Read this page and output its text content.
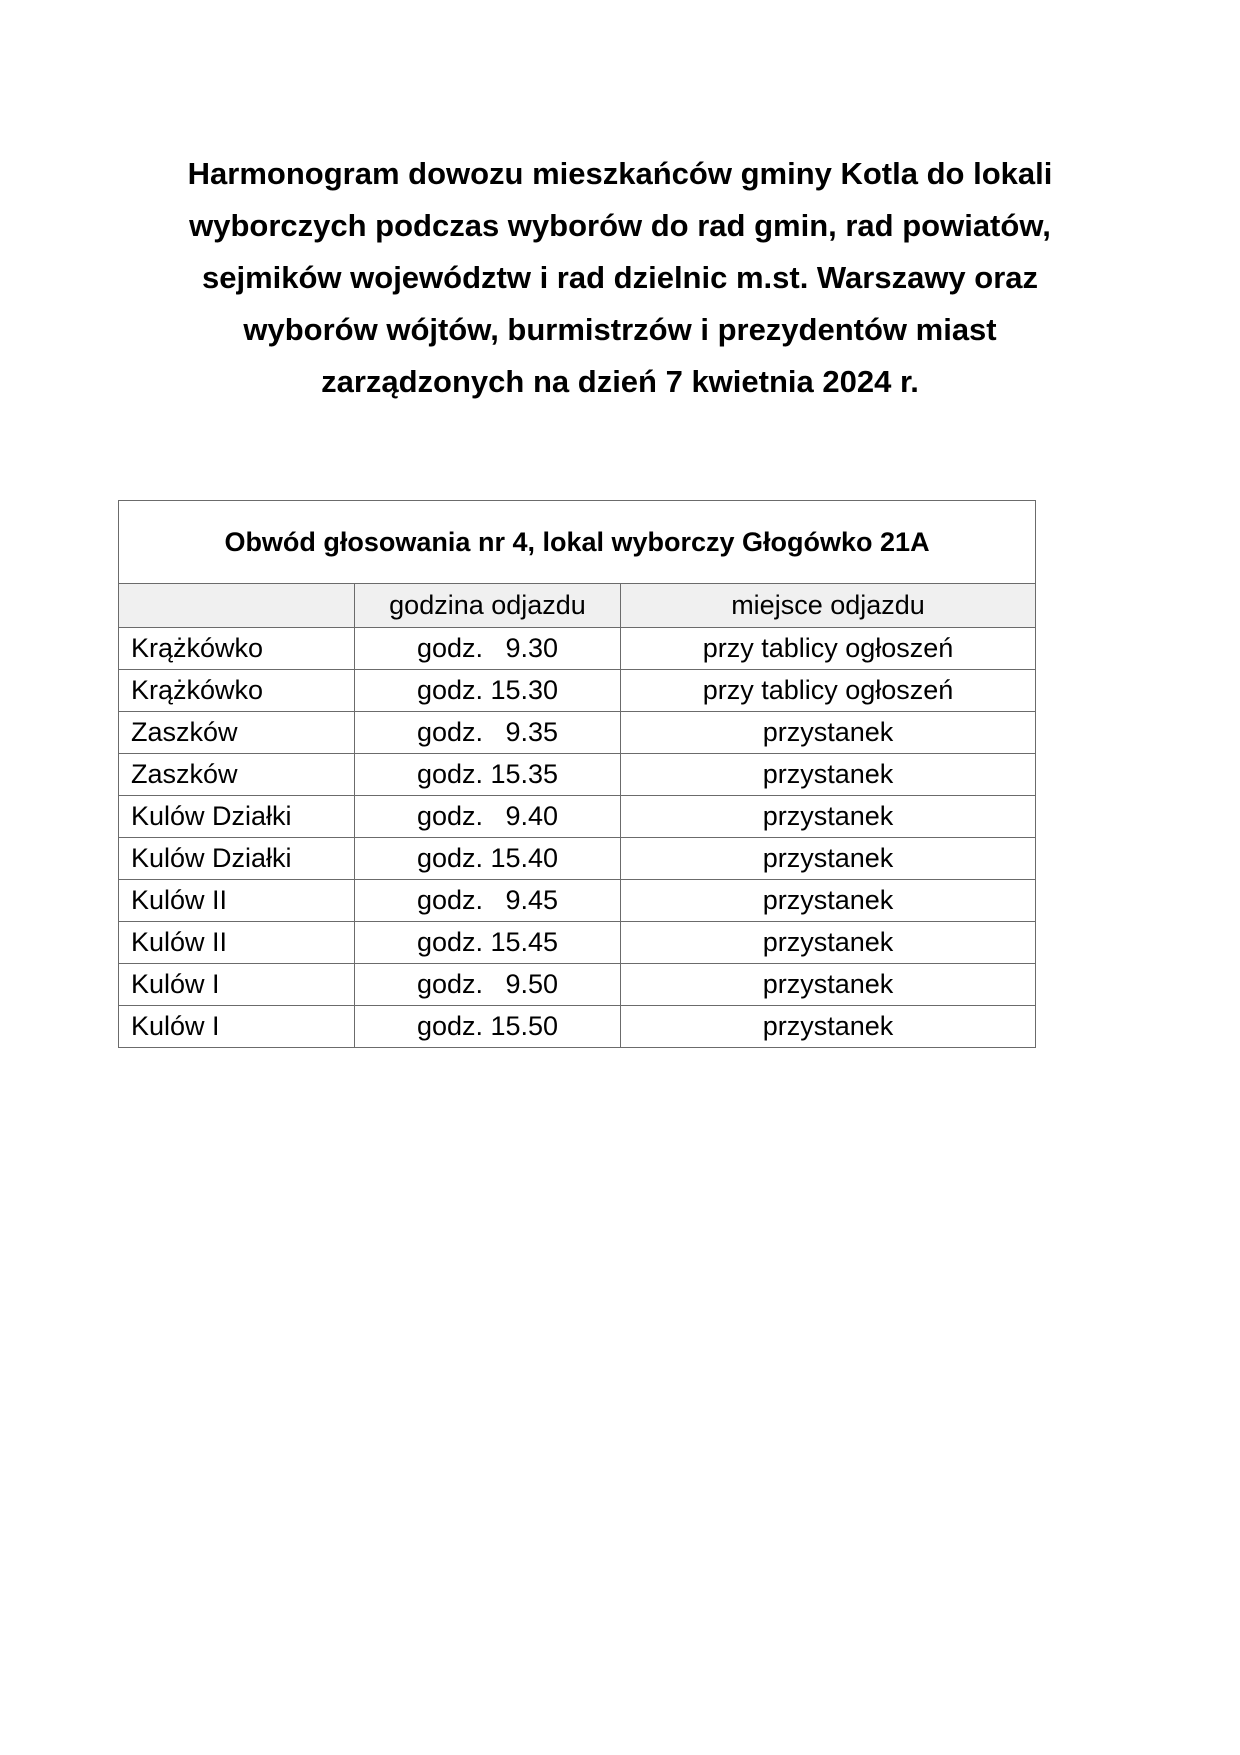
Harmonogram dowozu mieszkańców gminy Kotla do lokali
wyborczych podczas wyborów do rad gmin, rad powiatów,
sejmików województw i rad dzielnic m.st. Warszawy oraz
wyborów wójtów, burmistrzów i prezydentów miast
zarządzonych na dzień 7 kwietnia 2024 r.
Obwód głosowania nr 4, lokal wyborczy Głogówko 21A		
	godzina odjazdu	miejsce odjazdu
Krążkówko	godz.   9.30	przy tablicy ogłoszeń
Krążkówko	godz. 15.30	przy tablicy ogłoszeń
Zaszków	godz.   9.35	przystanek
Zaszków	godz. 15.35	przystanek
Kulów Działki	godz.   9.40	przystanek
Kulów Działki	godz. 15.40	przystanek
Kulów II	godz.   9.45	przystanek
Kulów II	godz. 15.45	przystanek
Kulów I	godz.   9.50	przystanek
Kulów I	godz. 15.50	przystanek
